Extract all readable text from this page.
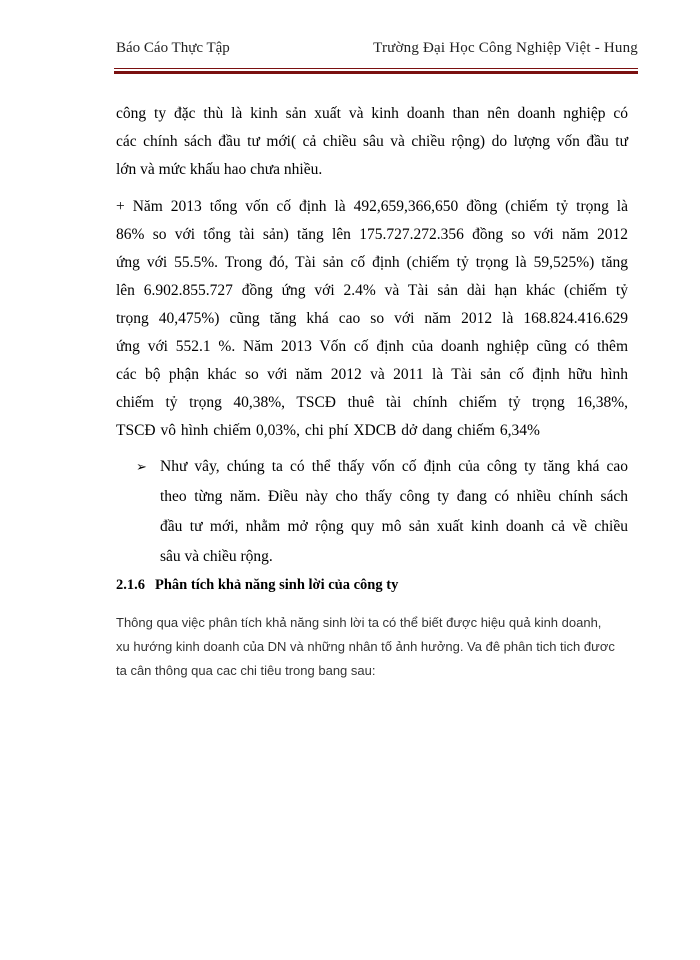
Báo Cáo Thực Tập	Trường Đại Học Công Nghiệp Việt - Hung
công ty đặc thù là kinh sản xuất và kinh doanh than nên doanh nghiệp có
các chính sách đầu tư mới( cả chiều sâu và chiều rộng) do lượng vốn đầu tư
lớn và mức khấu hao chưa nhiều.
+ Năm 2013 tổng vốn cố định là 492,659,366,650 đồng (chiếm tỷ trọng là
86% so với tổng tài sản) tăng lên 175.727.272.356 đồng so với năm 2012
ứng với 55.5%. Trong đó, Tài sản cố định (chiếm tỷ trọng là 59,525%) tăng
lên 6.902.855.727 đồng ứng với 2.4% và Tài sản dài hạn khác (chiếm tỷ
trọng 40,475%) cũng tăng khá cao so với năm 2012 là 168.824.416.629
ứng với 552.1 %. Năm 2013 Vốn cố định của doanh nghiệp cũng có thêm
các bộ phận khác so với năm 2012 và 2011 là Tài sản cố định hữu hình
chiếm tỷ trọng 40,38%, TSCĐ thuê tài chính chiếm tỷ trọng 16,38%,
TSCĐ vô hình chiếm 0,03%, chi phí XDCB dở dang chiếm 6,34%
➢ Như vây, chúng ta có thể thấy vốn cố định của công ty tăng khá cao
theo từng năm. Điều này cho thấy công ty đang có nhiều chính sách
đầu tư mới, nhằm mở rộng quy mô sản xuất kinh doanh cả về chiều
sâu và chiều rộng.
2.1.6 Phân tích khả năng sinh lời của công ty
Thông qua việc phân tích khả năng sinh lời ta có thể biết được hiệu quả kinh doanh,
xu hướng kinh doanh của DN và những nhân tố ảnh hưởng. Va đê phân tich tich đươc
ta cân thông qua cac chi tiêu trong bang sau:
